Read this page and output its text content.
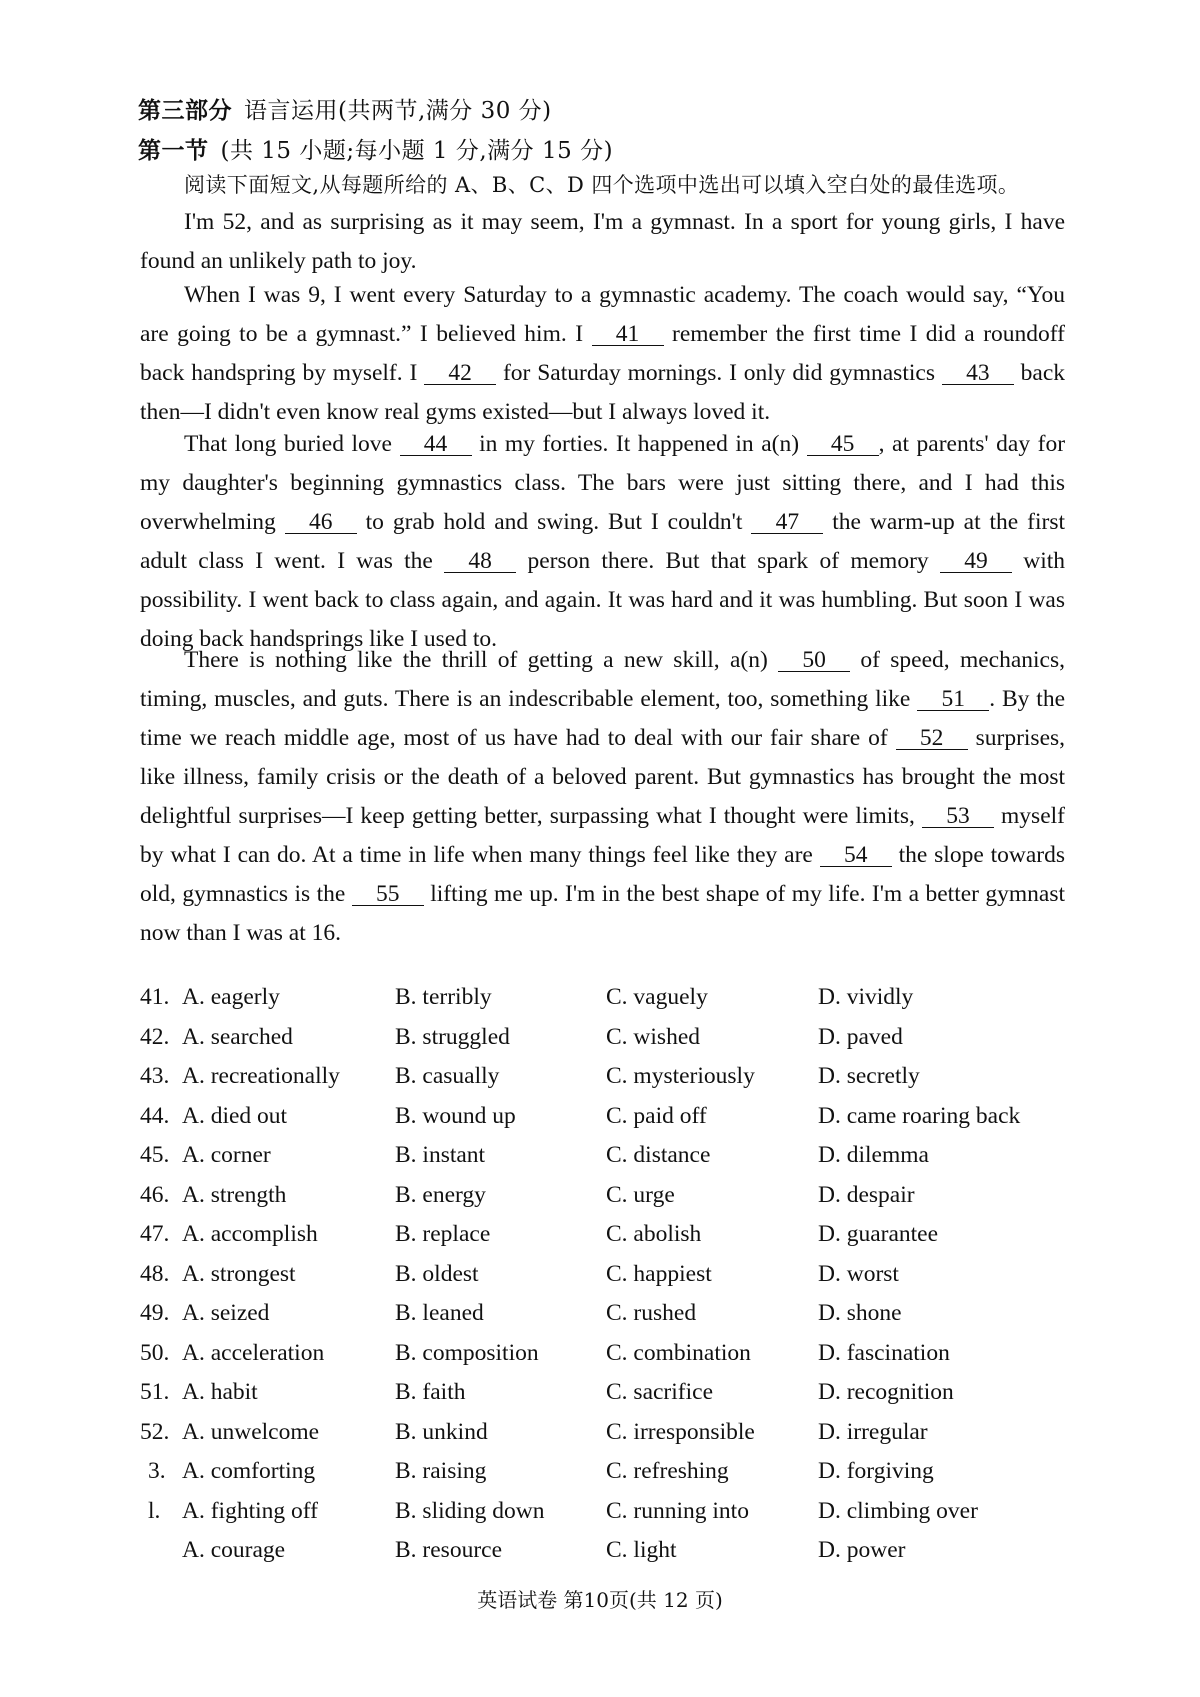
第三部分 语言运用(共两节,满分 30 分)
第一节 (共 15 小题;每小题 1 分,满分 15 分)

阅读下面短文,从每题所给的 A、B、C、D 四个选项中选出可以填入空白处的最佳选项。

I'm 52, and as surprising as it may seem, I'm a gymnast. In a sport for young girls, I have found an unlikely path to joy.

When I was 9, I went every Saturday to a gymnastic academy. The coach would say, “You are going to be a gymnast.” I believed him. I 41 remember the first time I did a roundoff back handspring by myself. I 42 for Saturday mornings. I only did gymnastics 43 back then—I didn't even know real gyms existed—but I always loved it.

That long buried love 44 in my forties. It happened in a(n) 45 , at parents' day for my daughter's beginning gymnastics class. The bars were just sitting there, and I had this overwhelming 46 to grab hold and swing. But I couldn't 47 the warm-up at the first adult class I went. I was the 48 person there. But that spark of memory 49 with possibility. I went back to class again, and again. It was hard and it was humbling. But soon I was doing back handsprings like I used to.

There is nothing like the thrill of getting a new skill, a(n) 50 of speed, mechanics, timing, muscles, and guts. There is an indescribable element, too, something like 51 . By the time we reach middle age, most of us have had to deal with our fair share of 52 surprises, like illness, family crisis or the death of a beloved parent. But gymnastics has brought the most delightful surprises—I keep getting better, surpassing what I thought were limits, 53 myself by what I can do. At a time in life when many things feel like they are 54 the slope towards old, gymnastics is the 55 lifting me up. I'm in the best shape of my life. I'm a better gymnast now than I was at 16.

41. A. eagerly	B. terribly	C. vaguely	D. vividly
42. A. searched	B. struggled	C. wished	D. paved
43. A. recreationally B. casually	C. mysteriously	D. secretly
44. A. died out	B. wound up	C. paid off	D. came roaring back
45. A. corner	B. instant	C. distance	D. dilemma
46. A. strength	B. energy	C. urge	D. despair
47. A. accomplish	B. replace	C. abolish	D. guarantee
48. A. strongest	B. oldest	C. happiest	D. worst
49. A. seized	B. leaned	C. rushed	D. shone
50. A. acceleration	B. composition	C. combination	D. fascination
51. A. habit	B. faith	C. sacrifice	D. recognition
52. A. unwelcome	B. unkind	C. irresponsible	D. irregular
3. A. comforting	B. raising	C. refreshing	D. forgiving
l. A. fighting off	B. sliding down	C. running into	D. climbing over
A. courage	B. resource	C. light	D. power
英语试卷 第10页(共 12 页)
